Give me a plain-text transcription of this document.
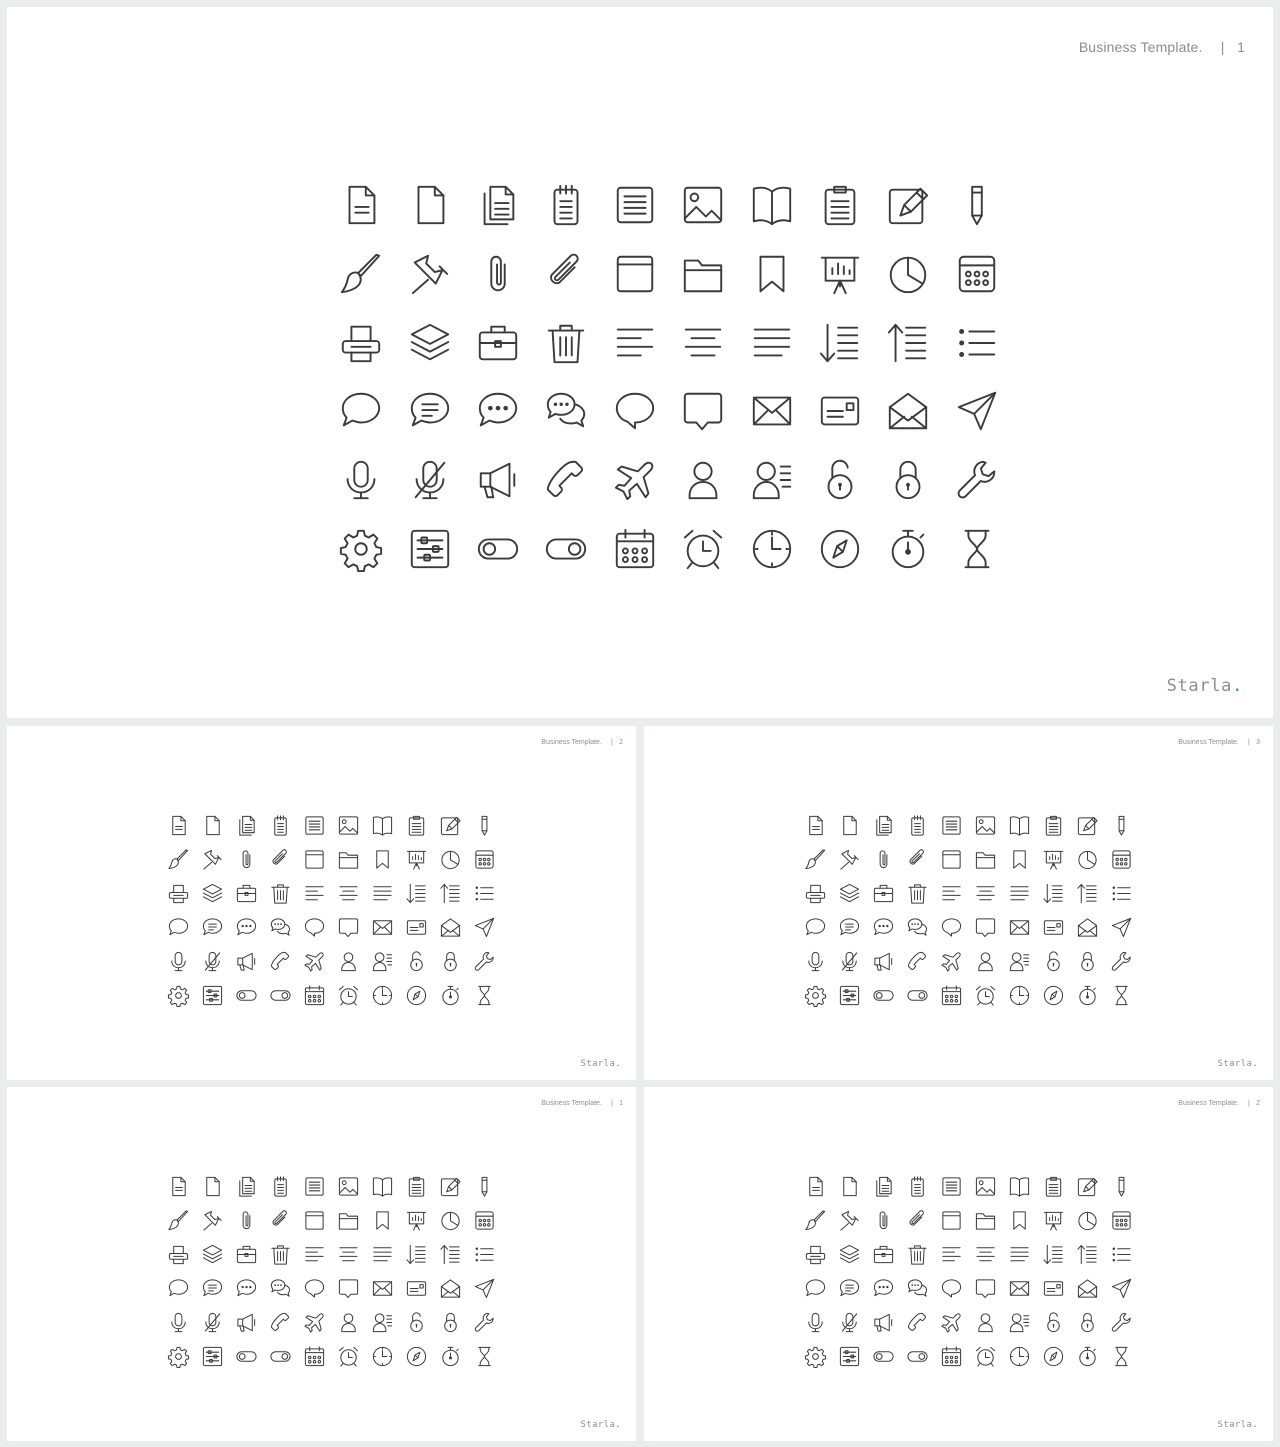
Business Template. | 1
Starla.
Business Template. | 2
Starla.
Business Template. | 3
Starla.
Business Template. | 1
Starla.
Business Template. | 2
Starla.
